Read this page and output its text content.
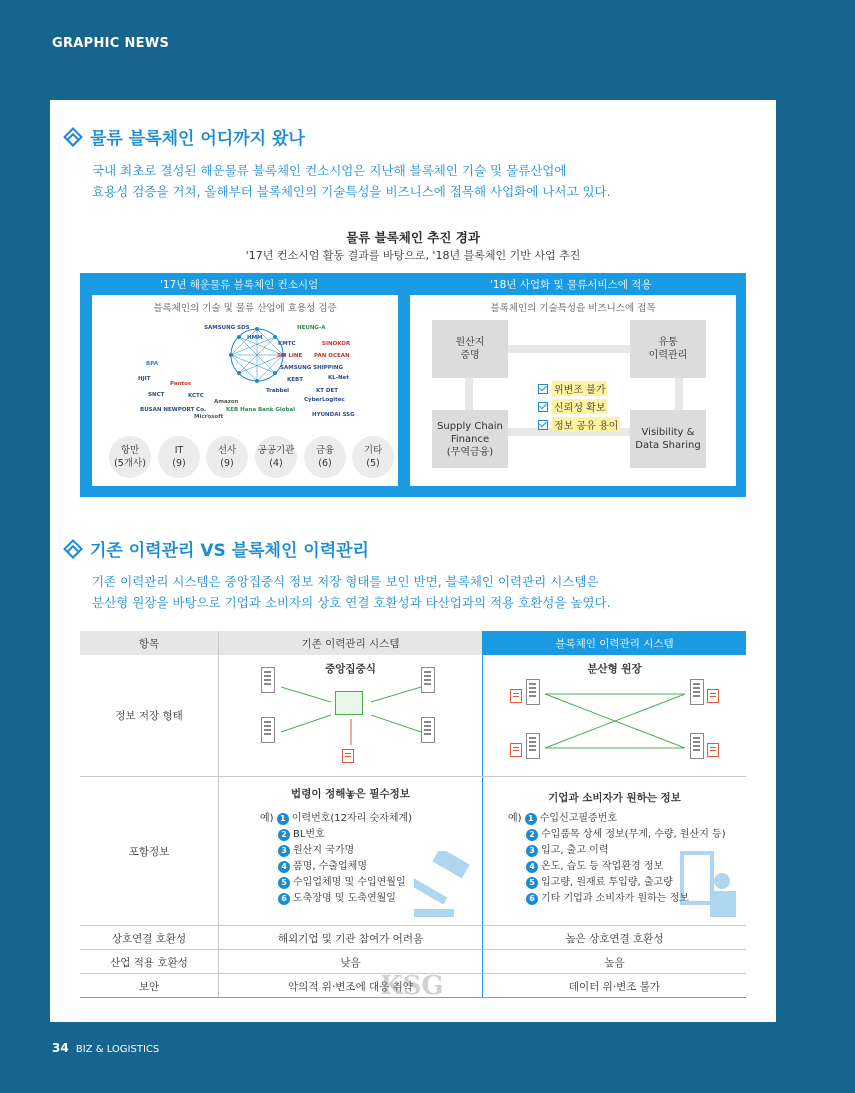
GRAPHIC NEWS
물류 블록체인 어디까지 왔나
국내 최초로 결성된 해운물류 블록체인 컨소시엄은 지난해 블록체인 기술 및 물류산업에
효용성 검증을 거쳐, 올해부터 블록체인의 기술특성을 비즈니스에 접목해 사업화에 나서고 있다.
물류 블록체인 추진 경과
'17년 컨소시엄 활동 결과를 바탕으로, '18년 블록체인 기반 사업 추진
'17년 해운물류 블록체인 컨소시엄
블록체인의 기술 및 물류 산업에 효용성 검증
SAMSUNG SDS	HEUNG-A
HMM
KMTC	SINOKOR
SM LINE PAN OCEAN
BPA
HJIT
SAMSUNG SHIPPING
KL-Net
KEBT
Pantos
Trabbel	KT DET
SNCT	KCTC
CyberLogitec
Amazon
KEB Hana Bank Global
Microsoft	HYUNDAI SSG
BUSAN NEWPORT Co.
항만
(5개사)
IT
(9)
선사
(9)
공공기관
(4)
금융
(6)
기타
(5)
'18년 사업화 및 물류서비스에 적용
블록체인의 기술특성을 비즈니스에 접목
원산지
증명
유통
이력관리
Supply Chain
Finance
(무역금융)
Visibility &
Data Sharing
위변조 불가
신뢰성 확보
정보 공유 용이
기존 이력관리 VS 블록체인 이력관리
기존 이력관리 시스템은 중앙집중식 정보 저장 형태를 보인 반면, 블록체인 이력관리 시스템은
분산형 원장을 바탕으로 기업과 소비자의 상호 연결 호환성과 타산업과의 적용 호환성을 높였다.
항목	기존 이력관리 시스템	블록체인 이력관리 시스템
정보 저장 형태
중앙집중식	분산형 원장
포함정보
법령이 정해놓은 필수정보
예) 1 이력번호(12자리 숫자체계)
2 BL번호
3 원산지 국가명
4 품명, 수출업체명
5 수입업체명 및 수입연월일
6 도축장명 및 도축연월일
기업과 소비자가 원하는 정보
예) 1 수입신고필증번호
2 수입품목 상세 정보(무게, 수량, 원산지 등)
3 입고, 출고 이력
4 온도, 습도 등 작업환경 정보
5 입고량, 원재료 투입량, 출고량
6 기타 기업과 소비자가 원하는 정보
상호연결 호환성	해외기업 및 기관 참여가 어려움	높은 상호연결 호환성
산업 적용 호환성	낮음	높음
보안	악의적 위·변조에 대응 취약	데이터 위·변조 불가
KSG
34 BIZ & LOGISTICS
